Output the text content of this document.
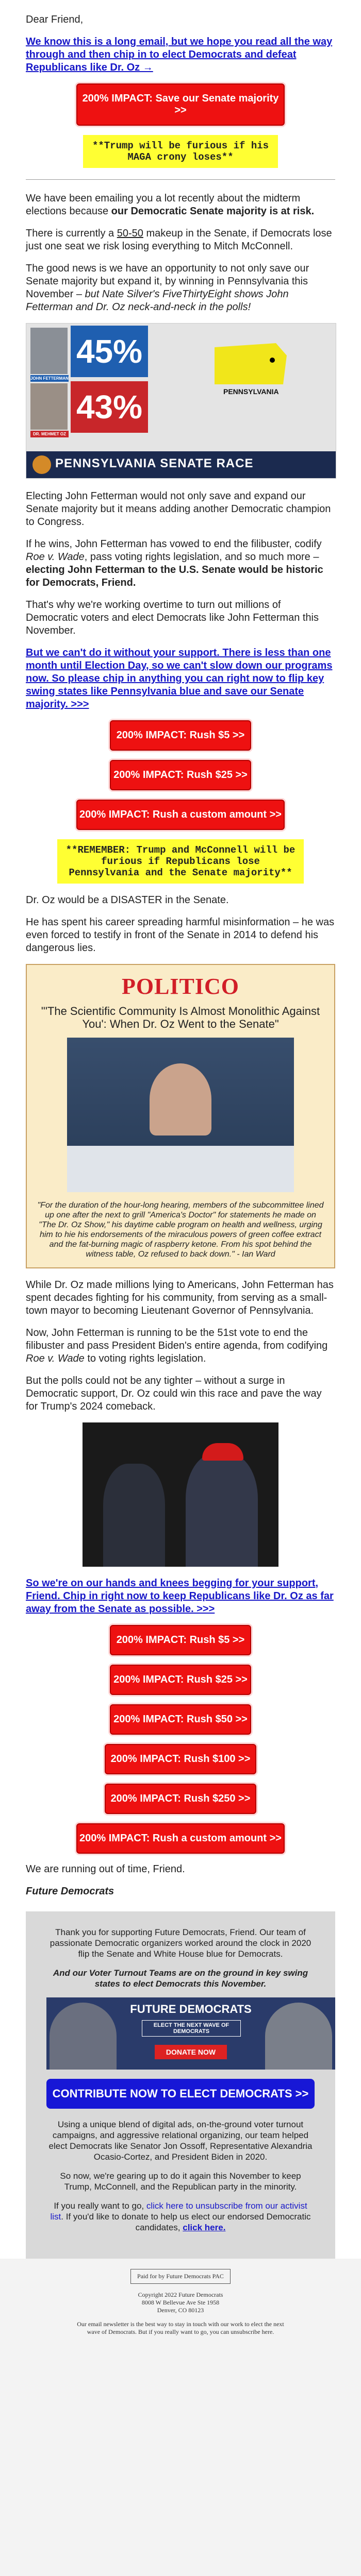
Dear Friend,

We know this is a long email, but we hope you read all the way through and then chip in to elect Democrats and defeat Republicans like Dr. Oz →

200% IMPACT: Save our Senate majority >>
**Trump will be furious if his MAGA crony loses**

We have been emailing you a lot recently about the midterm elections because our Democratic Senate majority is at risk.

There is currently a 50-50 makeup in the Senate, if Democrats lose just one seat we risk losing everything to Mitch McConnell.

The good news is we have an opportunity to not only save our Senate majority but expand it, by winning in Pennsylvania this November – but Nate Silver's FiveThirtyEight shows John Fetterman and Dr. Oz neck-and-neck in the polls!

45%
JOHN FETTERMAN
43%
DR. MEHMET OZ
PENNSYLVANIA
PENNSYLVANIA SENATE RACE

Electing John Fetterman would not only save and expand our Senate majority but it means adding another Democratic champion to Congress.

If he wins, John Fetterman has vowed to end the filibuster, codify Roe v. Wade, pass voting rights legislation, and so much more – electing John Fetterman to the U.S. Senate would be historic for Democrats, Friend.

That's why we're working overtime to turn out millions of Democratic voters and elect Democrats like John Fetterman this November.

But we can't do it without your support. There is less than one month until Election Day, so we can't slow down our programs now. So please chip in anything you can right now to flip key swing states like Pennsylvania blue and save our Senate majority. >>>

200% IMPACT: Rush $5 >>
200% IMPACT: Rush $25 >>
200% IMPACT: Rush a custom amount >>
**REMEMBER: Trump and McConnell will be furious if Republicans lose Pennsylvania and the Senate majority**

Dr. Oz would be a DISASTER in the Senate.

He has spent his career spreading harmful misinformation – he was even forced to testify in front of the Senate in 2014 to defend his dangerous lies.

POLITICO
"'The Scientific Community Is Almost Monolithic Against You': When Dr. Oz Went to the Senate"
"For the duration of the hour-long hearing, members of the subcommittee lined up one after the next to grill "America's Doctor" for statements he made on "The Dr. Oz Show," his daytime cable program on health and wellness, urging him to hie his endorsements of the miraculous powers of green coffee extract and the fat-burning magic of raspberry ketone. From his spot behind the witness table, Oz refused to back down." - Ian Ward

While Dr. Oz made millions lying to Americans, John Fetterman has spent decades fighting for his community, from serving as a small-town mayor to becoming Lieutenant Governor of Pennsylvania.

Now, John Fetterman is running to be the 51st vote to end the filibuster and pass President Biden's entire agenda, from codifying Roe v. Wade to voting rights legislation.

But the polls could not be any tighter – without a surge in Democratic support, Dr. Oz could win this race and pave the way for Trump's 2024 comeback.

So we're on our hands and knees begging for your support, Friend. Chip in right now to keep Republicans like Dr. Oz as far away from the Senate as possible. >>>

200% IMPACT: Rush $5 >>
200% IMPACT: Rush $25 >>
200% IMPACT: Rush $50 >>
200% IMPACT: Rush $100 >>
200% IMPACT: Rush $250 >>
200% IMPACT: Rush a custom amount >>

We are running out of time, Friend.

Future Democrats

Thank you for supporting Future Democrats, Friend. Our team of passionate Democratic organizers worked around the clock in 2020 flip the Senate and White House blue for Democrats.

And our Voter Turnout Teams are on the ground in key swing states to elect Democrats this November.

FUTURE DEMOCRATS
ELECT THE NEXT WAVE OF DEMOCRATS
DONATE NOW
CONTRIBUTE NOW TO ELECT DEMOCRATS >>

Using a unique blend of digital ads, on-the-ground voter turnout campaigns, and aggressive relational organizing, our team helped elect Democrats like Senator Jon Ossoff, Representative Alexandria Ocasio-Cortez, and President Biden in 2020.

So now, we're gearing up to do it again this November to keep Trump, McConnell, and the Republican party in the minority.

If you really want to go, click here to unsubscribe from our activist list. If you'd like to donate to help us elect our endorsed Democratic candidates, click here.

Paid for by Future Democrats PAC
Copyright 2022 Future Democrats
8008 W Bellevue Ave Ste 1958
Denver, CO 80123
Our email newsletter is the best way to stay in touch with our work to elect the next wave of Democrats. But if you really want to go, you can unsubscribe here.
